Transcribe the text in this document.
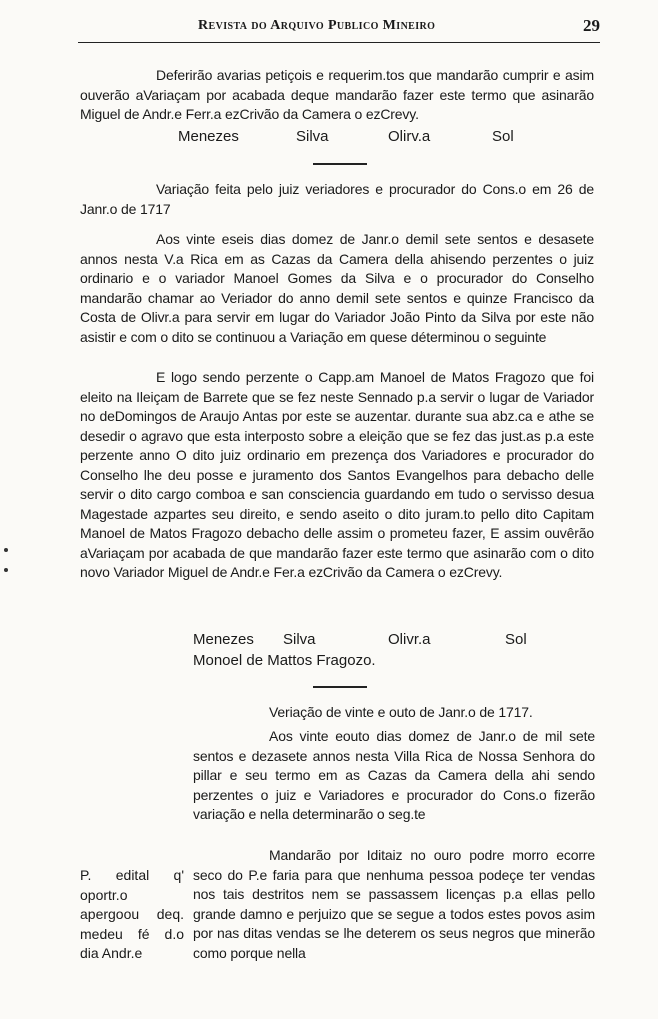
Revista do Arquivo Publico Mineiro	29

Deferirão avarias petiçois e requerim.tos que mandarão cumprir e asim ouverão aVariaçam por acabada deque mandarão fazer este termo que asinarão Miguel de Andr.e Ferr.a ezCrivão da Camera o ezCrevy.

Menezes	Silva	Olirv.a	Sol

Variação feita pelo juiz veriadores e procurador do Cons.o em 26 de Janr.o de 1717

Aos vinte eseis dias domez de Janr.o demil sete sentos e desasete annos nesta V.a Rica em as Cazas da Camera della ahisendo perzentes o juiz ordinario e o variador Manoel Gomes da Silva e o procurador do Conselho mandarão chamar ao Veriador do anno demil sete sentos e quinze Francisco da Costa de Olivr.a para servir em lugar do Variador João Pinto da Silva por este não asistir e com o dito se continuou a Variação em quese déterminou o seguinte

E logo sendo perzente o Capp.am Manoel de Matos Fragozo que foi eleito na Ileiçam de Barrete que se fez neste Sennado p.a servir o lugar de Variador no deDomingos de Araujo Antas por este se auzentar. durante sua abz.ca e athe se desedir o agravo que esta interposto sobre a eleição que se fez das just.as p.a este perzente anno O dito juiz ordinario em prezença dos Variadores e procurador do Conselho lhe deu posse e juramento dos Santos Evangelhos para debacho delle servir o dito cargo comboa e san consciencia guardando em tudo o servisso desua Magestade azpartes seu direito, e sendo aseito o dito juram.to pello dito Capitam Manoel de Matos Fragozo debacho delle assim o prometeu fazer, E assim ouvêrão aVariaçam por acabada de que mandarão fazer este termo que asinarão com o dito novo Variador Miguel de Andr.e Fer.a ezCrivão da Camera o ezCrevy.

Menezes Silva	Olivr.a	Sol
Monoel de Mattos Fragozo.

Veriação de vinte e outo de Janr.o de 1717.

Aos vinte eouto dias domez de Janr.o de mil sete sentos e dezasete annos nesta Villa Rica de Nossa Senhora do pillar e seu termo em as Cazas da Camera della ahi sendo perzentes o juiz e Variadores e procurador do Cons.o fizerão variação e nella determinarão o seg.te

Mandarão por Iditaiz no ouro podre morro ecorre seco do P.e faria para que nenhuma pessoa podeçe ter vendas nos tais destritos nem se passassem licenças p.a ellas pello grande damno e perjuizo que se segue a todos estes povos asim por nas ditas vendas se lhe deterem os seus negros que minerão como porque nella

P. edital q' oportr.o apergoou deq. medeu fé d.o dia Andr.e
